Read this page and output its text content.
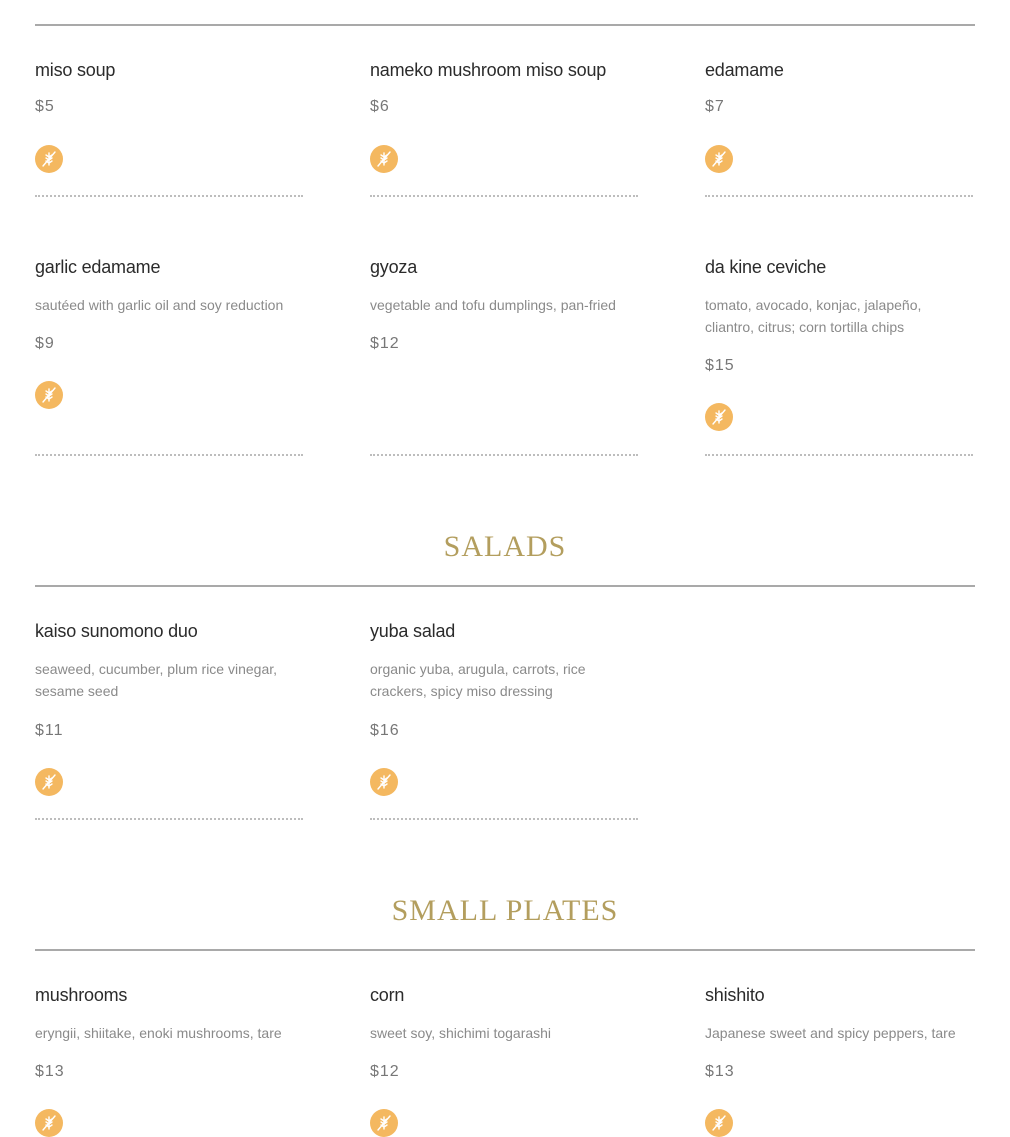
SALADS
SMALL PLATES
miso soup
$5
nameko mushroom miso soup
$6
edamame
$7
garlic edamame
sautéed with garlic oil and soy reduction
$9
gyoza
vegetable and tofu dumplings, pan-fried
$12
da kine ceviche
tomato, avocado, konjac, jalapeño, cliantro, citrus; corn tortilla chips
$15
kaiso sunomono duo
seaweed, cucumber, plum rice vinegar, sesame seed
$11
yuba salad
organic yuba, arugula, carrots, rice crackers, spicy miso dressing
$16
mushrooms
eryngii, shiitake, enoki mushrooms, tare
$13
corn
sweet soy, shichimi togarashi
$12
shishito
Japanese sweet and spicy peppers, tare
$13
